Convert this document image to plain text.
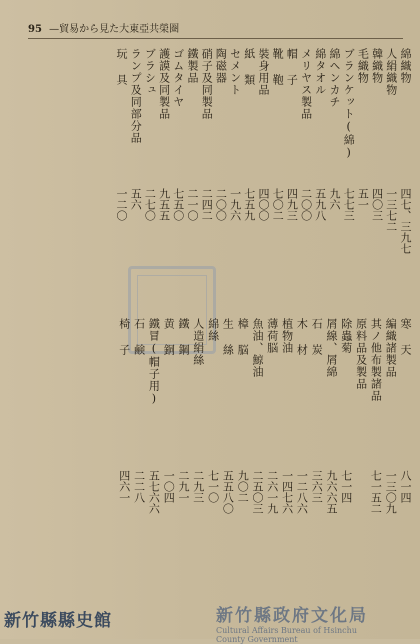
95 —貿易から見た大東亞共榮圏
綿織物
四七、三九七
人絹織物
一三七二
韓織物
四〇三
毛織物
五一
ブランケット(綿)
七七三
綿ヘンカチ
九六
綿タオル
五九八
メリヤス製品
二〇〇
帽 子
四九三
靴 鞄
七〇二
裝身用品
四〇〇
紙 類
七五九
セメント
一九六
陶磁器
二〇〇
硝子及同製品
二四二
鐵製品
二一〇
ゴムタイヤ
七五〇
護謨及同製品
九五五
ブラシュ
二七〇
ランプ及同部分品
五六
玩 具
一二〇
寒 天
八一四
編織諸製品
一三〇九
其ノ他布製諸品
七一五二
原料品及製品
除蟲菊
七一四
屑線、屑綿
九六六五
石 炭
三六三
木 材
一二八六
植物油
一四七六
薄荷脳
二六一九
魚油、鯨油
二五〇三
樟 脳
九〇二
生 絲
五五八〇
綿絲
七一〇
人造絹絲
二九三
鐵 鋼
二九一
黄 銅
一〇四
鐵冒(帽子用)
五七六六
石 鹸
二二八
椅 子
四六一
新竹縣縣史館	新竹縣政府文化局
Cultural Affairs Bureau of Hsinchu
County Government
